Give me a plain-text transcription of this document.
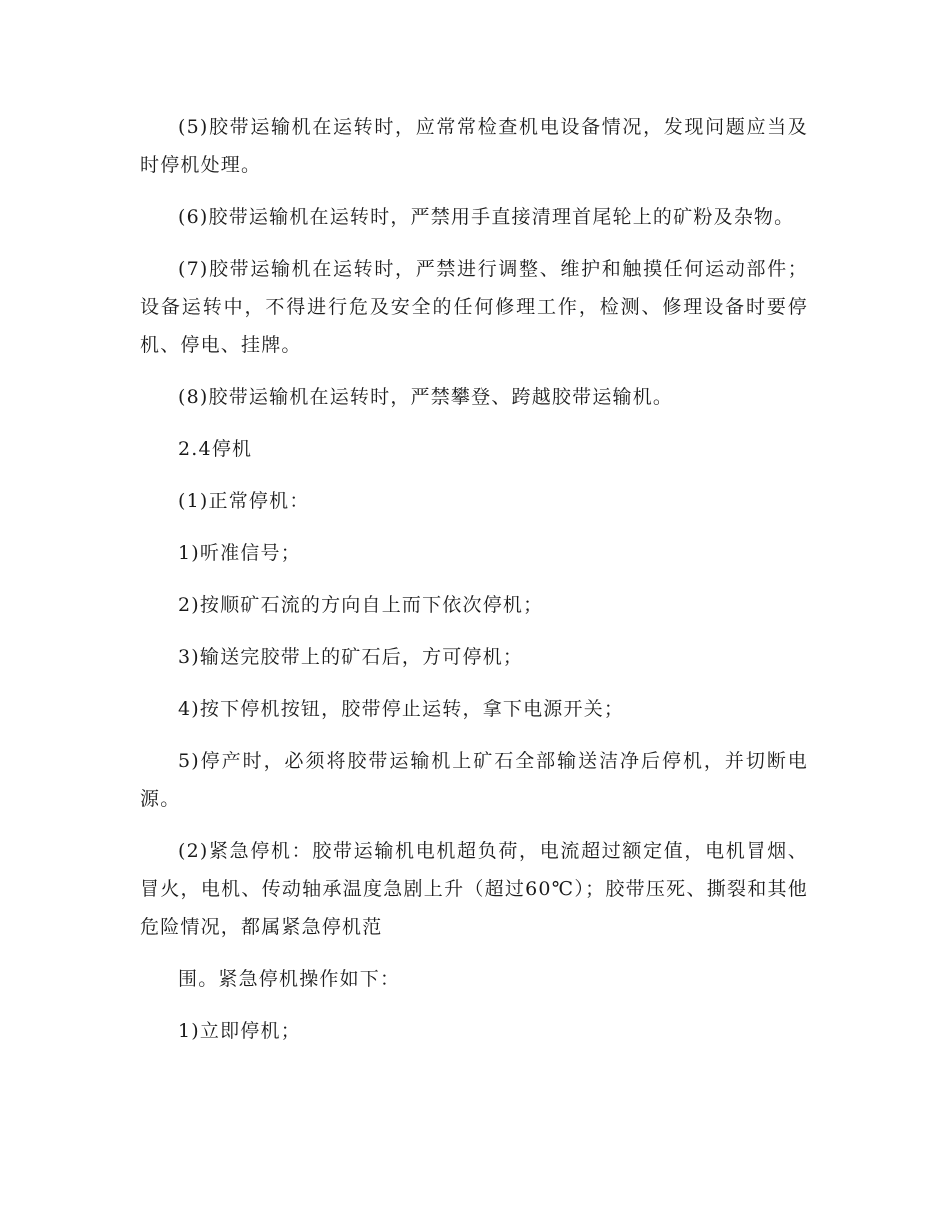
(5)胶带运输机在运转时，应常常检查机电设备情况，发现问题应当及时停机处理。

(6)胶带运输机在运转时，严禁用手直接清理首尾轮上的矿粉及杂物。

(7)胶带运输机在运转时，严禁进行调整、维护和触摸任何运动部件；设备运转中，不得进行危及安全的任何修理工作，检测、修理设备时要停机、停电、挂牌。

(8)胶带运输机在运转时，严禁攀登、跨越胶带运输机。

2.4停机

(1)正常停机：

1)听准信号；

2)按顺矿石流的方向自上而下依次停机；

3)输送完胶带上的矿石后，方可停机；

4)按下停机按钮，胶带停止运转，拿下电源开关；

5)停产时，必须将胶带运输机上矿石全部输送洁净后停机，并切断电源。

(2)紧急停机：胶带运输机电机超负荷，电流超过额定值，电机冒烟、冒火，电机、传动轴承温度急剧上升（超过60℃）；胶带压死、撕裂和其他危险情况，都属紧急停机范

围。紧急停机操作如下：

1)立即停机；
